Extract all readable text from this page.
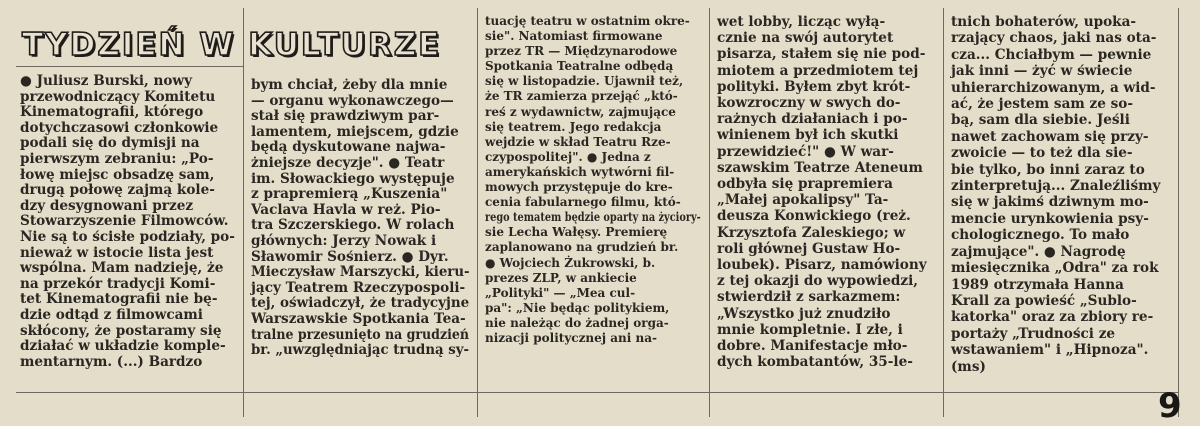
TYDZIEŃ W KULTURZE
● Juliusz Burski, nowy
przewodniczący Komitetu
Kinematografii, którego
dotychczasowi członkowie
podali się do dymisji na
pierwszym zebraniu: „Po-
łowę miejsc obsadzę sam,
drugą połowę zajmą kole-
dzy desygnowani przez
Stowarzyszenie Filmowców.
Nie są to ścisłe podziały, po-
nieważ w istocie lista jest
wspólna. Mam nadzieję, że
na przekór tradycji Komi-
tet Kinematografii nie bę-
dzie odtąd z filmowcami
skłócony, że postaramy się
działać w układzie komple-
mentarnym. (...) Bardzo
bym chciał, żeby dla mnie
— organu wykonawczego—
stał się prawdziwym par-
lamentem, miejscem, gdzie
będą dyskutowane najwa-
żniejsze decyzje". ● Teatr
im. Słowackiego występuje
z prapremierą „Kuszenia"
Vaclava Havla w reż. Pio-
tra Szczerskiego. W rolach
głównych: Jerzy Nowak i
Sławomir Sośnierz. ● Dyr.
Mieczysław Marszycki, kieru-
jący Teatrem Rzeczypospoli-
tej, oświadczył, że tradycyjne
Warszawskie Spotkania Tea-
tralne przesunięto na grudzień
br. „uwzględniając trudną sy-
tuację teatru w ostatnim okre-
sie". Natomiast firmowane
przez TR — Międzynarodowe
Spotkania Teatralne odbędą
się w listopadzie. Ujawnił też,
że TR zamierza przejąć „któ-
reś z wydawnictw, zajmujące
się teatrem. Jego redakcja
wejdzie w skład Teatru Rze-
czypospolitej". ● Jedna z
amerykańskich wytwórni fil-
mowych przystępuje do kre-
cenia fabularnego filmu, któ-
rego tematem będzie oparty na życiory-
sie Lecha Wałęsy. Premierę
zaplanowano na grudzień br.
● Wojciech Żukrowski, b.
prezes ZLP, w ankiecie
„Polityki" — „Mea cul-
pa": „Nie będąc politykiem,
nie należąc do żadnej orga-
nizacji politycznej ani na-
wet lobby, licząc wyłą-
cznie na swój autorytet
pisarza, stałem się nie pod-
miotem a przedmiotem tej
polityki. Byłem zbyt krót-
kowzroczny w swych do-
rażnych działaniach i po-
winienem był ich skutki
przewidzieć!" ● W war-
szawskim Teatrze Ateneum
odbyła się prapremiera
„Małej apokalipsy" Ta-
deusza Konwickiego (reż.
Krzysztofa Zaleskiego; w
roli głównej Gustaw Ho-
loubek). Pisarz, namówiony
z tej okazji do wypowiedzi,
stwierdził z sarkazmem:
„Wszystko już znudziło
mnie kompletnie. I złe, i
dobre. Manifestacje mło-
dych kombatantów, 35-le-
tnich bohaterów, upoka-
rzający chaos, jaki nas ota-
cza... Chciałbym — pewnie
jak inni — żyć w świecie
uhierarchizowanym, a wid-
ać, że jestem sam ze so-
bą, sam dla siebie. Jeśli
nawet zachowam się przy-
zwoicie — to też dla sie-
bie tylko, bo inni zaraz to
zinterpretują... Znaleźliśmy
się w jakimś dziwnym mo-
mencie urynkowienia psy-
chologicznego. To mało
zajmujące". ● Nagrodę
miesięcznika „Odra" za rok
1989 otrzymała Hanna
Krall za powieść „Sublo-
katorka" oraz za zbiory re-
portaży „Trudności ze
wstawaniem" i „Hipnoza".
(ms)
9
